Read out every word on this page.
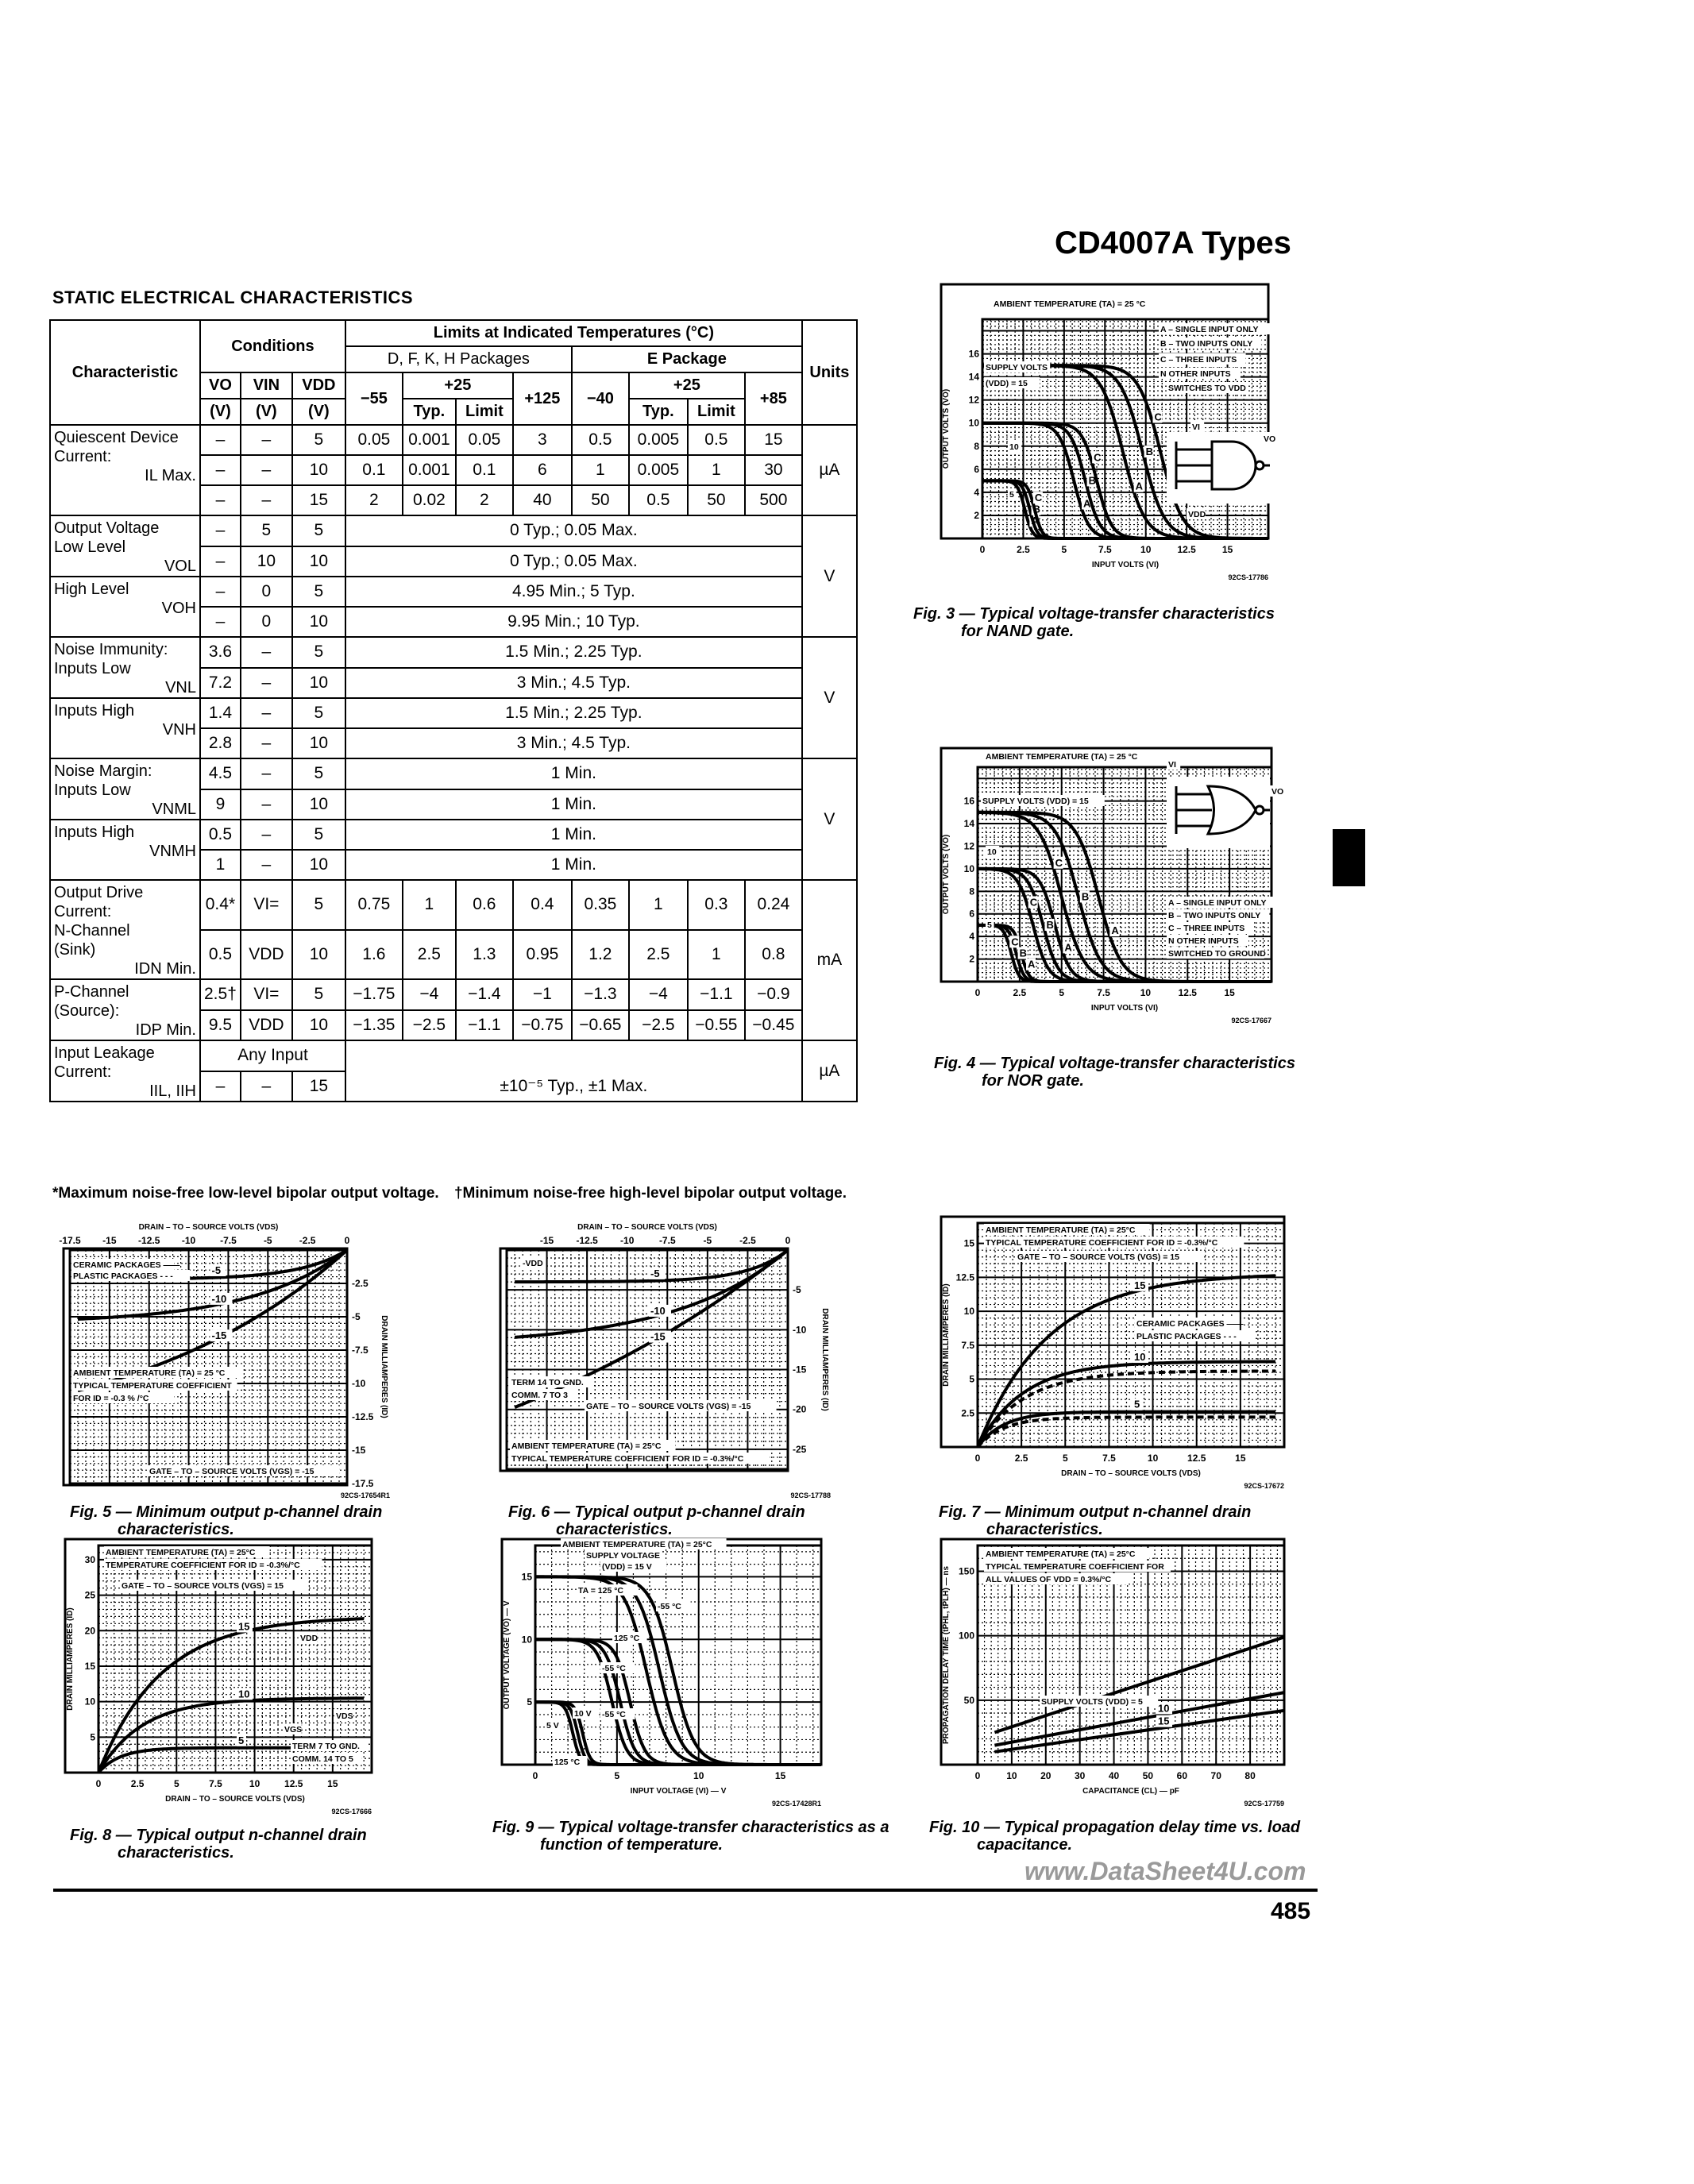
CD4007A Types
STATIC ELECTRICAL CHARACTERISTICS
Characteristic	Conditions			Limits at Indicated Temperatures (°C)								Units
				D, F, K, H Packages				E Package				
	VO	VIN	VDD	−55	+25		+125	−40	+25		+85	
	(V)	(V)	(V)		Typ.	Limit			Typ.	Limit		

Quiescent Device
Current:
IL Max.	–	–	5	0.05	0.001	0.05	3	0.5	0.005	0.5	15	µA
	–	–	10	0.1	0.001	0.1	6	1	0.005	1	30	
	–	–	15	2	0.02	2	40	50	0.5	50	500	

Output Voltage
Low Level
VOL	–	5	5	0 Typ.; 0.05 Max.								V
	–	10	10	0 Typ.; 0.05 Max.								

High Level
VOH	–	0	5	4.95 Min.; 5 Typ.								
	–	0	10	9.95 Min.; 10 Typ.								

Noise Immunity:
Inputs Low
VNL	3.6	–	5	1.5 Min.; 2.25 Typ.								V
	7.2	–	10	3 Min.; 4.5 Typ.								

Inputs High
VNH	1.4	–	5	1.5 Min.; 2.25 Typ.								
	2.8	–	10	3 Min.; 4.5 Typ.								

Noise Margin:
Inputs Low
VNML	4.5	–	5	1 Min.								V
	9	–	10	1 Min.								

Inputs High
VNMH	0.5	–	5	1 Min.								
	1	–	10	1 Min.								

Output Drive
Current:
N-Channel
(Sink)
IDN Min.	0.4*	VI=	5	0.75	1	0.6	0.4	0.35	1	0.3	0.24	mA
	0.5	VDD	10	1.6	2.5	1.3	0.95	1.2	2.5	1	0.8	

P-Channel
(Source):
IDP Min.	2.5†	VI=	5	−1.75	−4	−1.4	−1	−1.3	−4	−1.1	−0.9	
	9.5	VDD	10	−1.35	−2.5	−1.1	−0.75	−0.65	−2.5	−0.55	−0.45	

Input Leakage
Current:
IIL, IIH	Any Input											µA
	–	–	15	±10⁻⁵ Typ., ±1 Max.								
*Maximum noise-free low-level bipolar output voltage. †Minimum noise-free high-level bipolar output voltage.
0	2.5	5	7.5	10	12.5	15
2
4
6
8
10
12
14
16
INPUT VOLTS (VI)
OUTPUT VOLTS (VO)
92CS-17786
A
B
C
A
B
C
A
B
C
AMBIENT TEMPERATURE (TA) = 25 °C
SUPPLY VOLTS
(VDD) = 15
A – SINGLE INPUT ONLY
B – TWO INPUTS ONLY
C – THREE INPUTS
N OTHER INPUTS
SWITCHES TO VDD
10
5
VI
VO
VDD
Fig. 3 — Typical voltage-transfer characteristics
for NAND gate.
0	2.5	5	7.5	10	12.5	15
2
4
6
8
10
12
14
16
INPUT VOLTS (VI)
OUTPUT VOLTS (VO)
92CS-17667
A
B
C
A
B
C
A
B
C
AMBIENT TEMPERATURE (TA) = 25 °C
SUPPLY VOLTS (VDD) = 15
A – SINGLE INPUT ONLY
B – TWO INPUTS ONLY
C – THREE INPUTS
N OTHER INPUTS
SWITCHED TO GROUND
10
5
VI
VO
Fig. 4 — Typical voltage-transfer characteristics
for NOR gate.
-17.5 -15 -12.5 -10	-7.5	-5	-2.5	0
-2.5
-5
-7.5
-10
-12.5
-15
-17.5
DRAIN – TO – SOURCE VOLTS (VDS)
DRAIN MILLIAMPERES (ID)
92CS-17654R1
-5
-10
-15
CERAMIC PACKAGES ——
PLASTIC PACKAGES - - -
AMBIENT TEMPERATURE (TA) = 25 °C
TYPICAL TEMPERATURE COEFFICIENT
FOR ID = -0.3 % /°C
GATE – TO – SOURCE VOLTS (VGS) = -15
Fig. 5 — Minimum output p-channel drain
characteristics.
-15 -12.5 -10	-7.5	-5	-2.5	0
-5
-10
-15
-20
-25
DRAIN – TO – SOURCE VOLTS (VDS)
DRAIN MILLIAMPERES (ID)
92CS-17788
-5
-10
-15
-VDD
TERM 14 TO GND.
COMM. 7 TO 3
GATE – TO – SOURCE VOLTS (VGS) = -15
AMBIENT TEMPERATURE (TA) = 25°C
TYPICAL TEMPERATURE COEFFICIENT FOR ID = -0.3%/°C
Fig. 6 — Typical output p-channel drain
characteristics.
0	2.5	5	7.5	10	12.5	15
2.5
5
7.5
10
12.5
15
DRAIN – TO – SOURCE VOLTS (VDS)
DRAIN MILLIAMPERES (ID)
92CS-17672
5
10
15
AMBIENT TEMPERATURE (TA) = 25°C
TYPICAL TEMPERATURE COEFFICIENT FOR ID = -0.3%/°C
GATE – TO – SOURCE VOLTS (VGS) = 15
CERAMIC PACKAGES ——
PLASTIC PACKAGES - - -
Fig. 7 — Minimum output n-channel drain
characteristics.
0	2.5	5	7.5	10	12.5	15
5
10
15
20
25
30
DRAIN – TO – SOURCE VOLTS (VDS)
DRAIN MILLIAMPERES (ID)
92CS-17666
5
10
15
AMBIENT TEMPERATURE (TA) = 25°C
TEMPERATURE COEFFICIENT FOR ID = -0.3%/°C
GATE – TO – SOURCE VOLTS (VGS) = 15
VDD
VDS
VGS
TERM 7 TO GND.
COMM. 14 TO 5
Fig. 8 — Typical output n-channel drain
characteristics.
0	5	10	15
5
10
15
INPUT VOLTAGE (VI) — V
OUTPUT VOLTAGE (VO) — V
92CS-17428R1
AMBIENT TEMPERATURE (TA) = 25°C
SUPPLY VOLTAGE
(VDD) = 15 V
TA = 125 °C
-55 °C
125 °C
-55 °C
10 V
5 V
125 °C
-55 °C
Fig. 9 — Typical voltage-transfer characteristics as a
function of temperature.
0	10 20 30 40 50 60 70 80
50
100
150
CAPACITANCE (CL) — pF
PROPAGATION DELAY TIME (tPHL, tPLH) — ns
92CS-17759
10
15
AMBIENT TEMPERATURE (TA) = 25°C
TYPICAL TEMPERATURE COEFFICIENT FOR
ALL VALUES OF VDD = 0.3%/°C
SUPPLY VOLTS (VDD) = 5
Fig. 10 — Typical propagation delay time vs. load
capacitance.
485
www.DataSheet4U.com
